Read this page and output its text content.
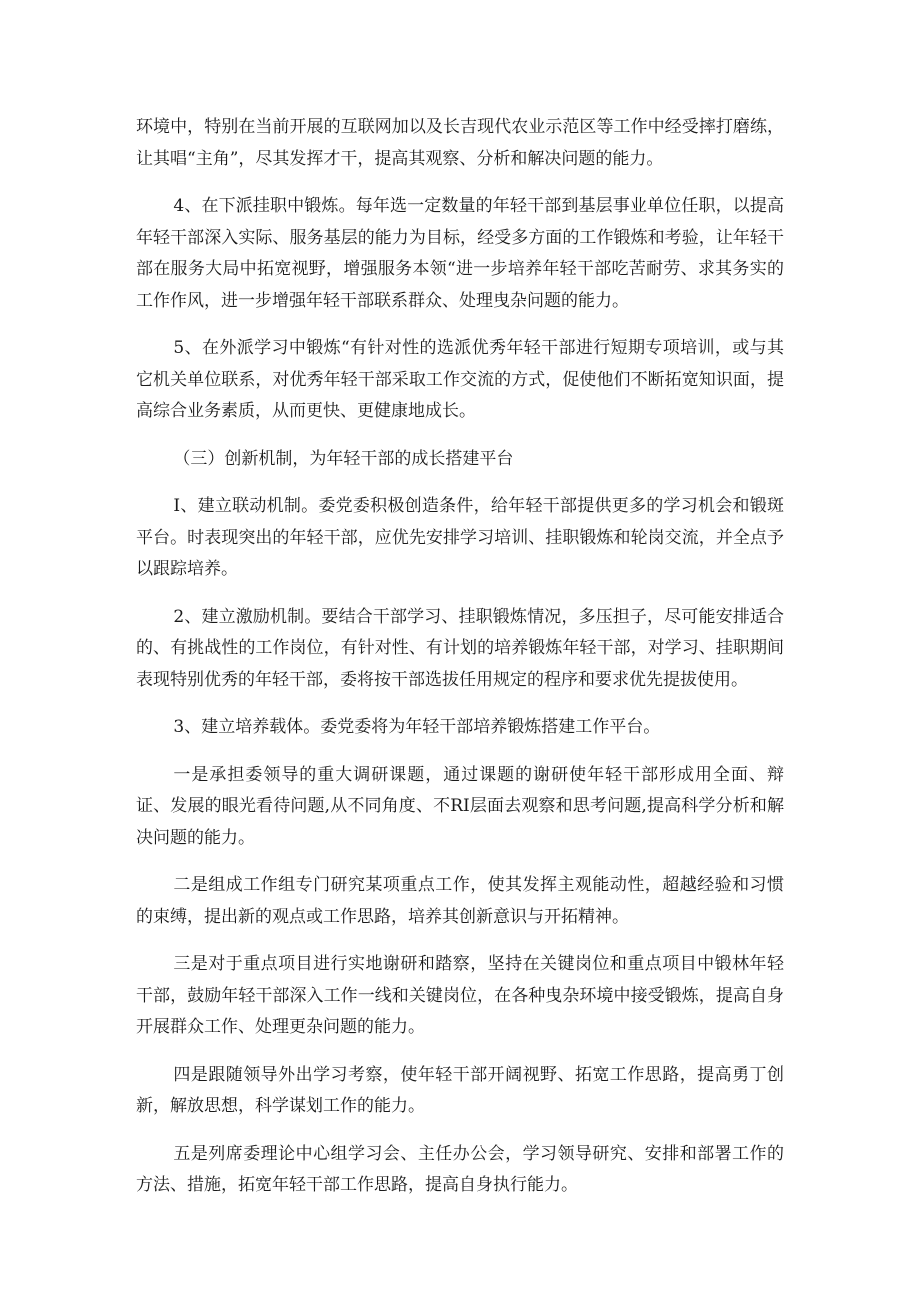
环境中，特别在当前开展的互联网加以及长吉现代农业示范区等工作中经受摔打磨练，让其唱“主角”，尽其发挥才干，提高其观察、分析和解决问题的能力。

4、在下派挂职中锻炼。每年选一定数量的年轻干部到基层事业单位任职，以提高年轻干部深入实际、服务基层的能力为目标，经受多方面的工作锻炼和考验，让年轻干部在服务大局中拓宽视野，增强服务本领“进一步培养年轻干部吃苦耐劳、求其务实的工作作风，进一步增强年轻干部联系群众、处理曳杂问题的能力。

5、在外派学习中锻炼“有针对性的选派优秀年轻干部进行短期专项培训，或与其它机关单位联系，对优秀年轻干部采取工作交流的方式，促使他们不断拓宽知识面，提高综合业务素质，从而更快、更健康地成长。

（三）创新机制，为年轻干部的成长搭建平台

I、建立联动机制。委党委积极创造条件，给年轻干部提供更多的学习机会和锻斑平台。时表现突出的年轻干部，应优先安排学习培训、挂职锻炼和轮岗交流，并全点予以跟踪培养。

2、建立激励机制。要结合干部学习、挂职锻炼情况，多压担子，尽可能安排适合的、有挑战性的工作岗位，有针对性、有计划的培养锻炼年轻干部，对学习、挂职期间表现特别优秀的年轻干部，委将按干部选拔任用规定的程序和要求优先提拔使用。

3、建立培养载体。委党委将为年轻干部培养锻炼搭建工作平台。

一是承担委领导的重大调研课题，通过课题的谢研使年轻干部形成用全面、辩证、发展的眼光看待问题,从不同角度、不RI层面去观察和思考问题,提高科学分析和解决问题的能力。

二是组成工作组专门研究某项重点工作，使其发挥主观能动性，超越经验和习惯的束缚，提出新的观点或工作思路，培养其创新意识与开拓精神。

三是对于重点项目进行实地谢研和踏察，坚持在关键岗位和重点项目中锻林年轻干部，鼓励年轻干部深入工作一线和关键岗位，在各种曳杂环境中接受锻炼，提高自身开展群众工作、处理更杂问题的能力。

四是跟随领导外出学习考察，使年轻干部开阔视野、拓宽工作思路，提高勇丁创新，解放思想，科学谋划工作的能力。

五是列席委理论中心组学习会、主任办公会，学习领导研究、安排和部署工作的方法、措施，拓宽年轻干部工作思路，提高自身执行能力。
